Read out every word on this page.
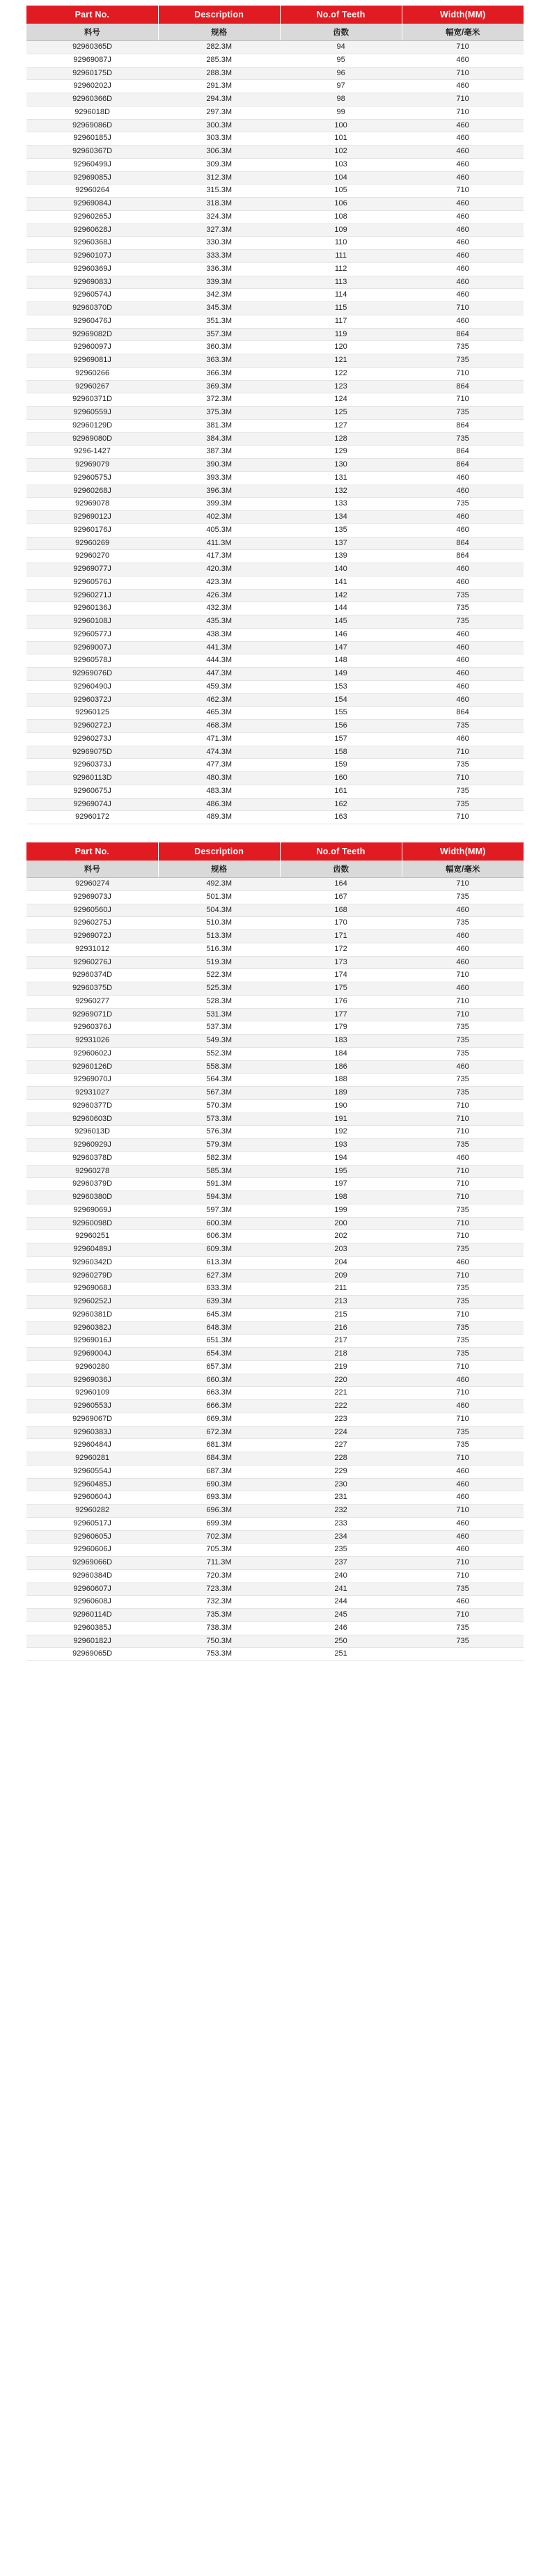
Part No.	Description	No.of Teeth	Width(MM)
料号	规格	齿数	幅宽/毫米
92960365D	282.3M	94	710
92969087J	285.3M	95	460
92960175D	288.3M	96	710
92960202J	291.3M	97	460
92960366D	294.3M	98	710
9296018D	297.3M	99	710
92969086D	300.3M	100	460
92960185J	303.3M	101	460
92960367D	306.3M	102	460
92960499J	309.3M	103	460
92969085J	312.3M	104	460
92960264	315.3M	105	710
92969084J	318.3M	106	460
92960265J	324.3M	108	460
92960628J	327.3M	109	460
92960368J	330.3M	110	460
92960107J	333.3M	111	460
92960369J	336.3M	112	460
92969083J	339.3M	113	460
92960574J	342.3M	114	460
92960370D	345.3M	115	710
92960476J	351.3M	117	460
92969082D	357.3M	119	864
92960097J	360.3M	120	735
92969081J	363.3M	121	735
92960266	366.3M	122	710
92960267	369.3M	123	864
92960371D	372.3M	124	710
92960559J	375.3M	125	735
92960129D	381.3M	127	864
92969080D	384.3M	128	735
9296-1427	387.3M	129	864
92969079	390.3M	130	864
92960575J	393.3M	131	460
92960268J	396.3M	132	460
92969078	399.3M	133	735
92969012J	402.3M	134	460
92960176J	405.3M	135	460
92960269	411.3M	137	864
92960270	417.3M	139	864
92969077J	420.3M	140	460
92960576J	423.3M	141	460
92960271J	426.3M	142	735
92960136J	432.3M	144	735
92960108J	435.3M	145	735
92960577J	438.3M	146	460
92969007J	441.3M	147	460
92960578J	444.3M	148	460
92969076D	447.3M	149	460
92960490J	459.3M	153	460
92960372J	462.3M	154	460
92960125	465.3M	155	864
92960272J	468.3M	156	735
92960273J	471.3M	157	460
92969075D	474.3M	158	710
92960373J	477.3M	159	735
92960113D	480.3M	160	710
92960675J	483.3M	161	735
92969074J	486.3M	162	735
92960172	489.3M	163	710
Part No.	Description	No.of Teeth	Width(MM)
料号	规格	齿数	幅宽/毫米
92960274	492.3M	164	710
92969073J	501.3M	167	735
92960560J	504.3M	168	460
92960275J	510.3M	170	735
92969072J	513.3M	171	460
92931012	516.3M	172	460
92960276J	519.3M	173	460
92960374D	522.3M	174	710
92960375D	525.3M	175	460
92960277	528.3M	176	710
92969071D	531.3M	177	710
92960376J	537.3M	179	735
92931026	549.3M	183	735
92960602J	552.3M	184	735
92960126D	558.3M	186	460
92969070J	564.3M	188	735
92931027	567.3M	189	735
92960377D	570.3M	190	710
92960603D	573.3M	191	710
9296013D	576.3M	192	710
92960929J	579.3M	193	735
92960378D	582.3M	194	460
92960278	585.3M	195	710
92960379D	591.3M	197	710
92960380D	594.3M	198	710
92969069J	597.3M	199	735
92960098D	600.3M	200	710
92960251	606.3M	202	710
92960489J	609.3M	203	735
92960342D	613.3M	204	460
92960279D	627.3M	209	710
92969068J	633.3M	211	735
92960252J	639.3M	213	735
92960381D	645.3M	215	710
92960382J	648.3M	216	735
92969016J	651.3M	217	735
92969004J	654.3M	218	735
92960280	657.3M	219	710
92969036J	660.3M	220	460
92960109	663.3M	221	710
92960553J	666.3M	222	460
92969067D	669.3M	223	710
92960383J	672.3M	224	735
92960484J	681.3M	227	735
92960281	684.3M	228	710
92960554J	687.3M	229	460
92960485J	690.3M	230	460
92960604J	693.3M	231	460
92960282	696.3M	232	710
92960517J	699.3M	233	460
92960605J	702.3M	234	460
92960606J	705.3M	235	460
92969066D	711.3M	237	710
92960384D	720.3M	240	710
92960607J	723.3M	241	735
92960608J	732.3M	244	460
92960114D	735.3M	245	710
92960385J	738.3M	246	735
92960182J	750.3M	250	735
92969065D	753.3M	251	
